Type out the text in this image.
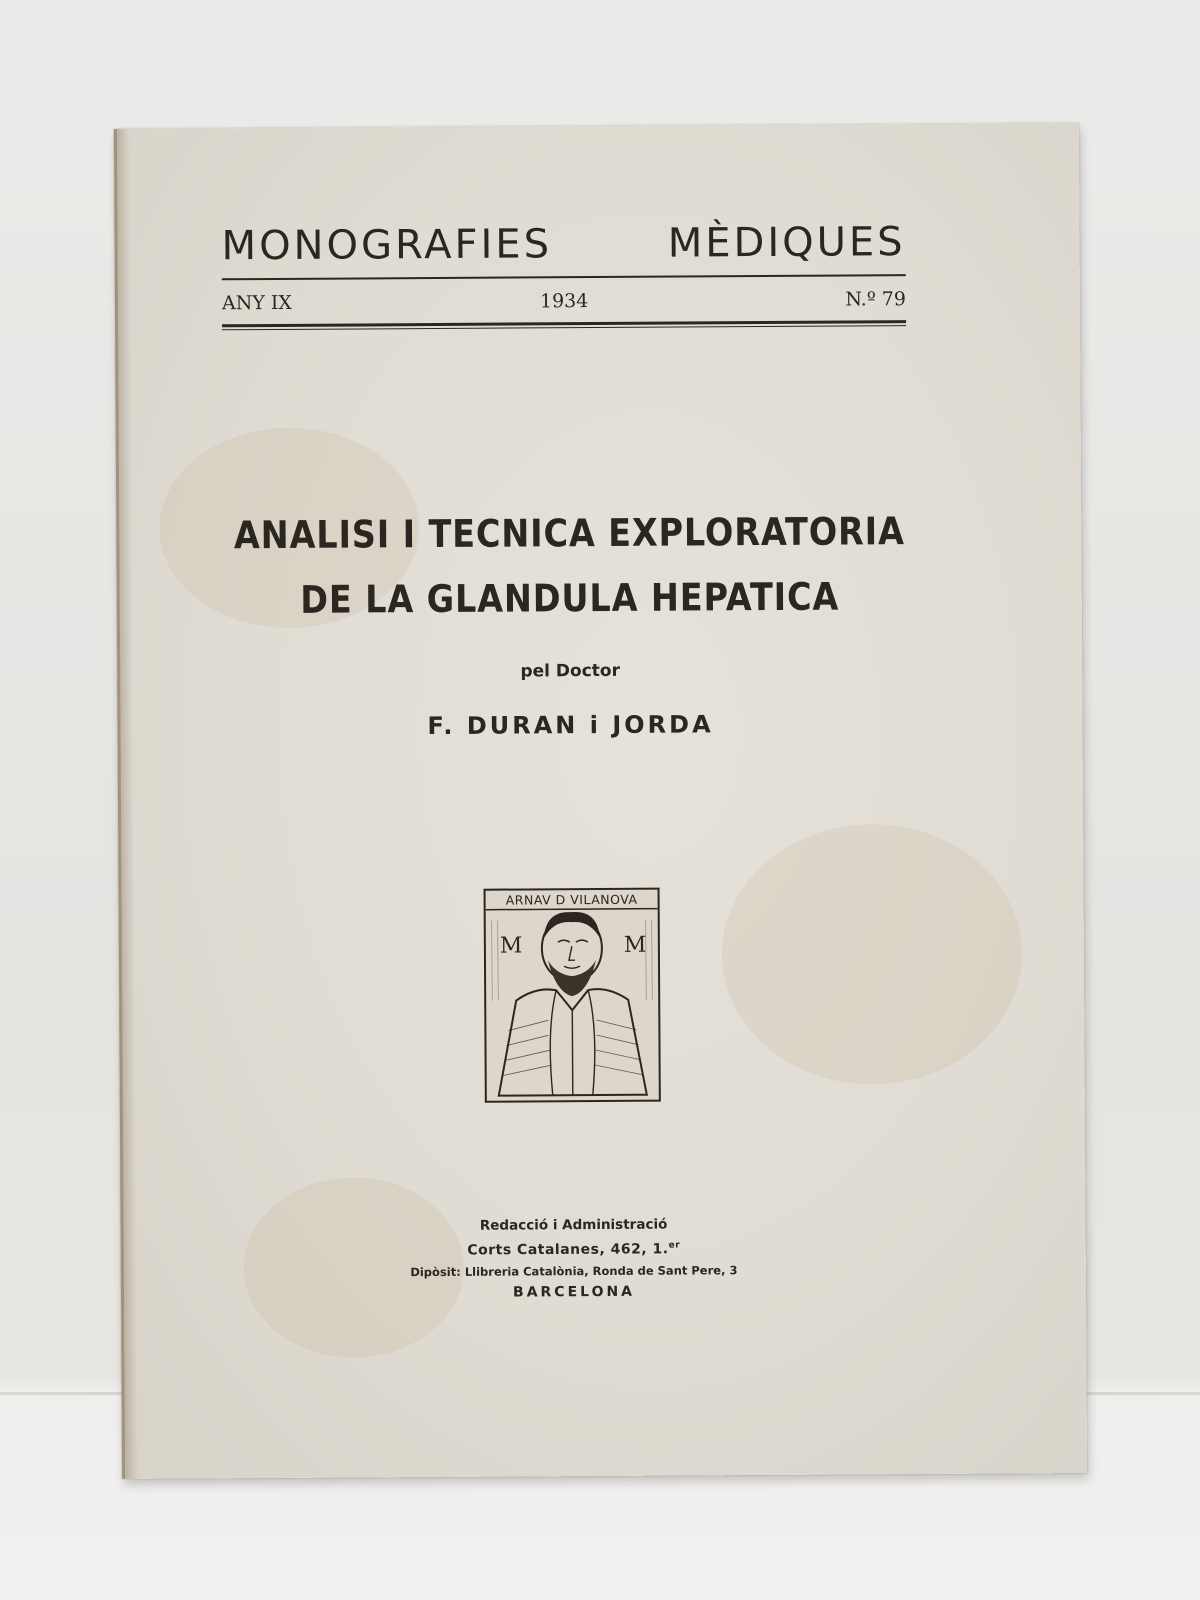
MONOGRAFIES MÈDIQUES
ANY IX	1934	N.º 79
ANALISI I TECNICA EXPLORATORIA
DE LA GLANDULA HEPATICA
pel Doctor
F. DURAN i JORDA
M	M
ARNAV D VILANOVA
Redacció i Administració
Corts Catalanes, 462, 1.$^{er}$
Dipòsit: Llibreria Catalònia, Ronda de Sant Pere, 3
BARCELONA
